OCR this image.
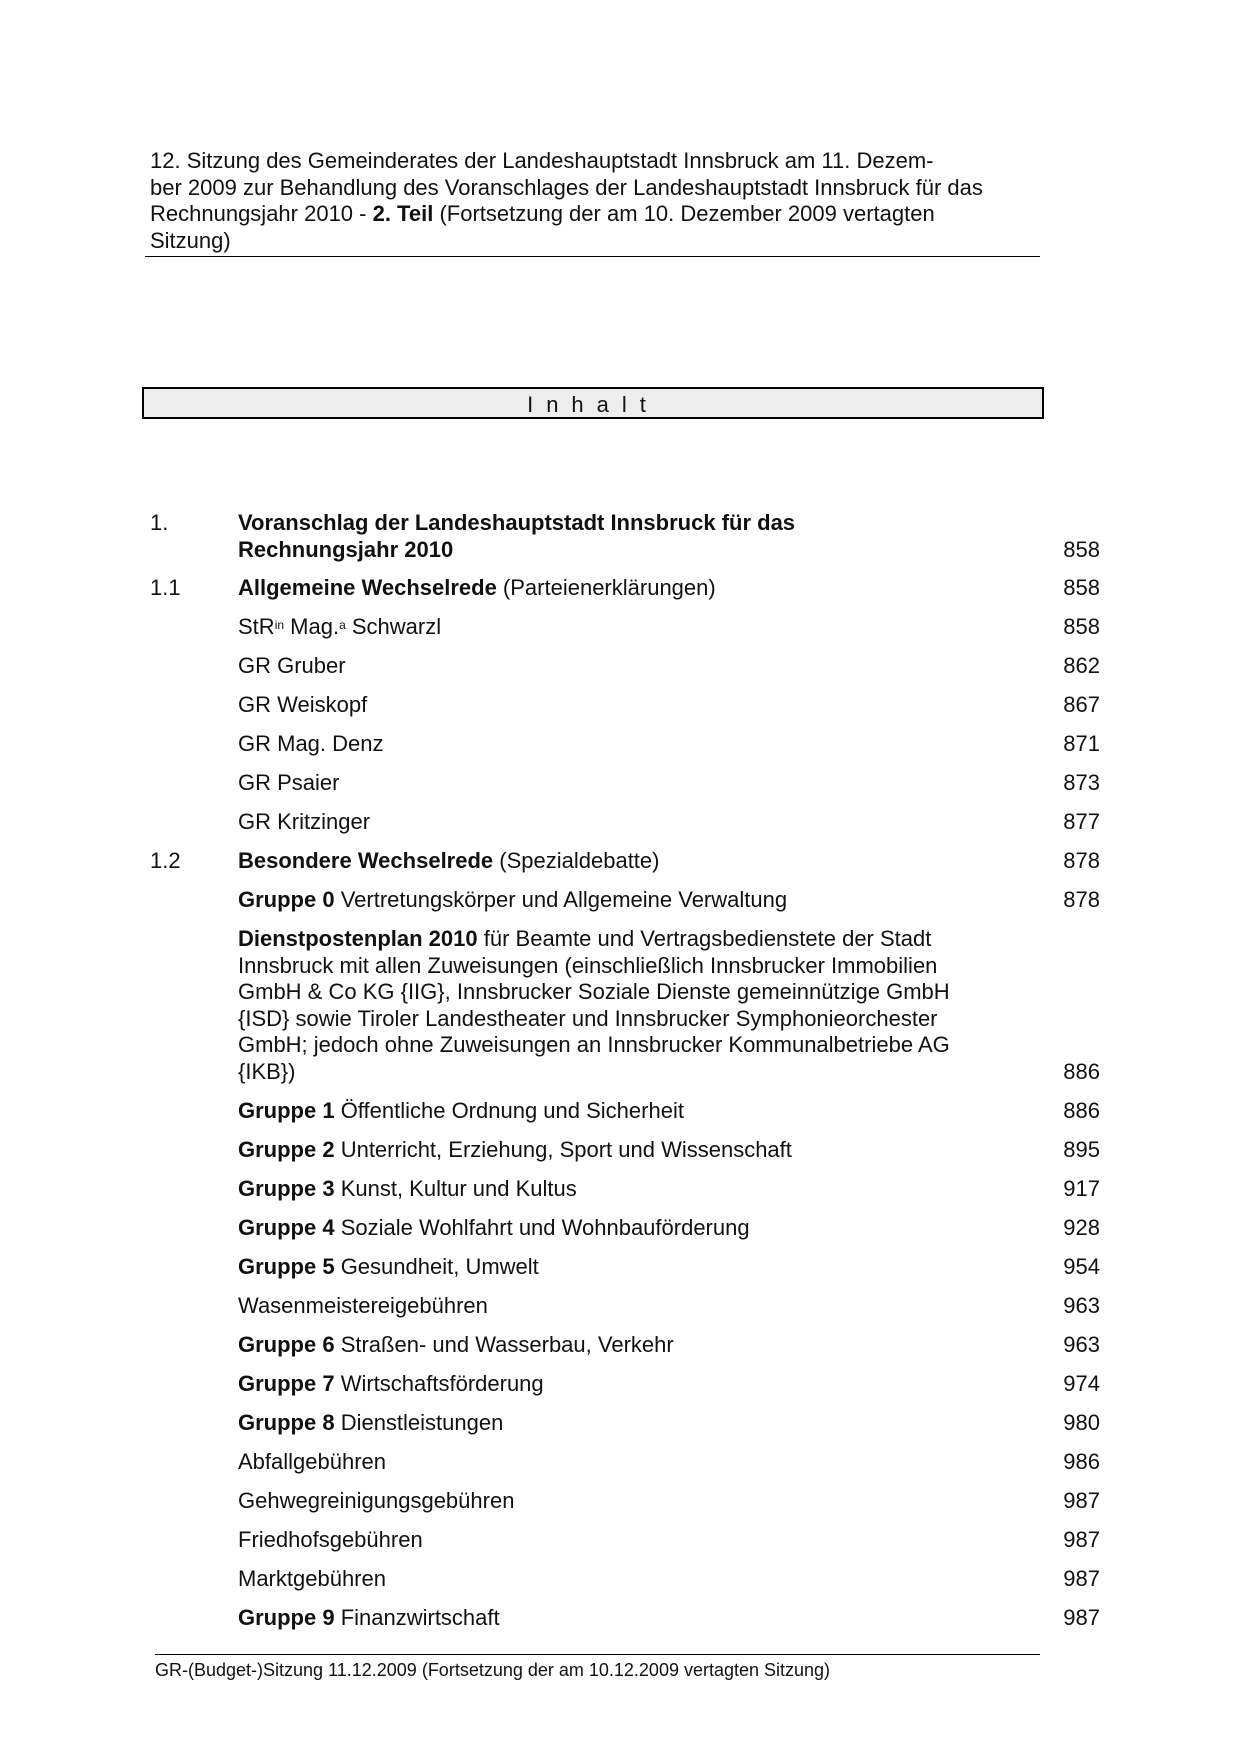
12. Sitzung des Gemeinderates der Landeshauptstadt Innsbruck am 11. Dezem-
ber 2009 zur Behandlung des Voranschlages der Landeshauptstadt Innsbruck für das
Rechnungsjahr 2010 - 2. Teil (Fortsetzung der am 10. Dezember 2009 vertagten
Sitzung)
Inhalt
1.	Voranschlag der Landeshauptstadt Innsbruck für das
Rechnungsjahr 2010	858
1.1	Allgemeine Wechselrede (Parteienerklärungen)	858
StR$^{in}$ Mag.$^a$ Schwarzl	858
GR Gruber	862
GR Weiskopf	867
GR Mag. Denz	871
GR Psaier	873
GR Kritzinger	877
1.2	Besondere Wechselrede (Spezialdebatte)	878
Gruppe 0 Vertretungskörper und Allgemeine Verwaltung	878
Dienstpostenplan 2010 für Beamte und Vertragsbedienstete der Stadt
Innsbruck mit allen Zuweisungen (einschließlich Innsbrucker Immobilien
GmbH & Co KG {IIG}, Innsbrucker Soziale Dienste gemeinnützige GmbH
{ISD} sowie Tiroler Landestheater und Innsbrucker Symphonieorchester
GmbH; jedoch ohne Zuweisungen an Innsbrucker Kommunalbetriebe AG
{IKB})	886
Gruppe 1 Öffentliche Ordnung und Sicherheit	886
Gruppe 2 Unterricht, Erziehung, Sport und Wissenschaft	895
Gruppe 3 Kunst, Kultur und Kultus	917
Gruppe 4 Soziale Wohlfahrt und Wohnbauförderung	928
Gruppe 5 Gesundheit, Umwelt	954
Wasenmeistereigebühren	963
Gruppe 6 Straßen- und Wasserbau, Verkehr	963
Gruppe 7 Wirtschaftsförderung	974
Gruppe 8 Dienstleistungen	980
Abfallgebühren	986
Gehwegreinigungsgebühren	987
Friedhofsgebühren	987
Marktgebühren	987
Gruppe 9 Finanzwirtschaft	987
GR-(Budget-)Sitzung 11.12.2009 (Fortsetzung der am 10.12.2009 vertagten Sitzung)
